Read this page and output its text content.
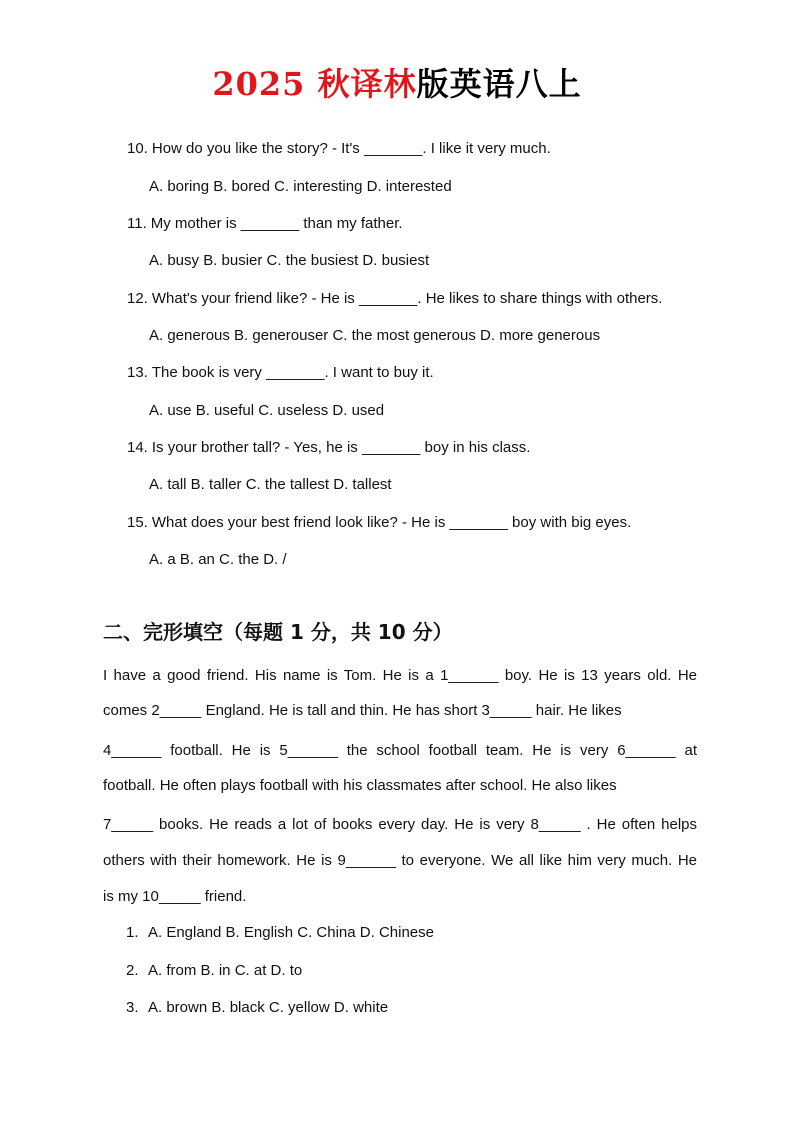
2025 秋译林版英语八上
10. How do you like the story? - It's _______. I like it very much.
A. boring B. bored C. interesting D. interested
11. My mother is _______ than my father.
A. busy B. busier C. the busiest D. busiest
12. What's your friend like? - He is _______. He likes to share things with others.
A. generous B. generouser C. the most generous D. more generous
13. The book is very _______. I want to buy it.
A. use B. useful C. useless D. used
14. Is your brother tall? - Yes, he is _______ boy in his class.
A. tall B. taller C. the tallest D. tallest
15. What does your best friend look like? - He is _______ boy with big eyes.
A. a B. an C. the D. /
二、完形填空（每题 1 分，共 10 分）
I have a good friend. His name is Tom. He is a 1______ boy. He is 13 years old. He
comes 2_____ England. He is tall and thin. He has short 3_____ hair. He likes
4______ football. He is 5______ the school football team. He is very 6______ at
football. He often plays football with his classmates after school. He also likes
7_____ books. He reads a lot of books every day. He is very 8_____ . He often helps
others with their homework. He is 9______ to everyone. We all like him very much. He
is my 10_____ friend.
1. A. England B. English C. China D. Chinese
2. A. from B. in C. at D. to
3. A. brown B. black C. yellow D. white
